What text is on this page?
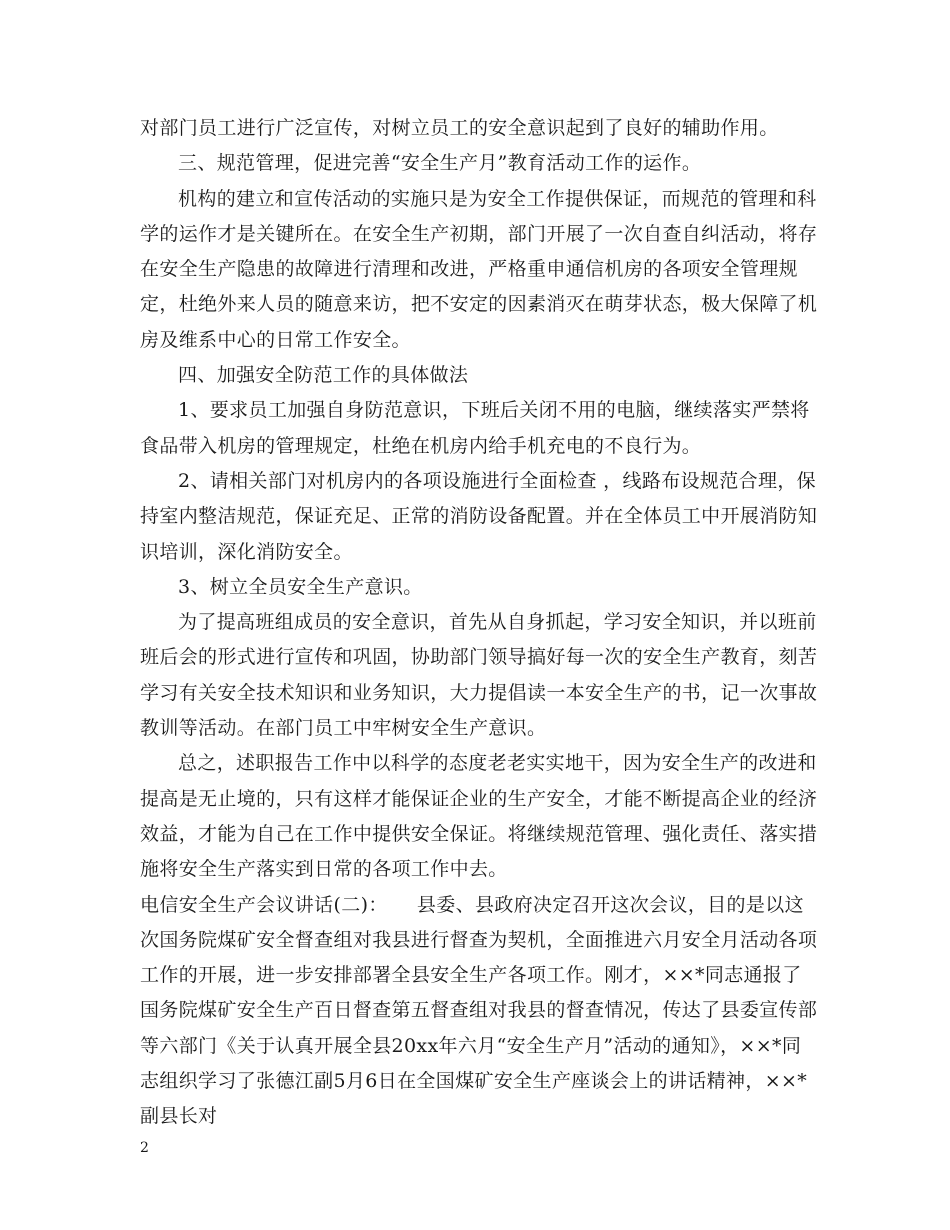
对部门员工进行广泛宣传，对树立员工的安全意识起到了良好的辅助作用。

三、规范管理，促进完善“安全生产月”教育活动工作的运作。

机构的建立和宣传活动的实施只是为安全工作提供保证，而规范的管理和科学的运作才是关键所在。在安全生产初期，部门开展了一次自查自纠活动，将存在安全生产隐患的故障进行清理和改进，严格重申通信机房的各项安全管理规定，杜绝外来人员的随意来访，把不安定的因素消灭在萌芽状态，极大保障了机房及维系中心的日常工作安全。

四、加强安全防范工作的具体做法

1、要求员工加强自身防范意识，下班后关闭不用的电脑，继续落实严禁将食品带入机房的管理规定，杜绝在机房内给手机充电的不良行为。

2、请相关部门对机房内的各项设施进行全面检查 ，线路布设规范合理，保持室内整洁规范，保证充足、正常的消防设备配置。并在全体员工中开展消防知识培训，深化消防安全。

3、树立全员安全生产意识。

为了提高班组成员的安全意识，首先从自身抓起，学习安全知识，并以班前班后会的形式进行宣传和巩固，协助部门领导搞好每一次的安全生产教育，刻苦学习有关安全技术知识和业务知识，大力提倡读一本安全生产的书，记一次事故教训等活动。在部门员工中牢树安全生产意识。

总之，述职报告工作中以科学的态度老老实实地干，因为安全生产的改进和提高是无止境的，只有这样才能保证企业的生产安全，才能不断提高企业的经济效益，才能为自己在工作中提供安全保证。将继续规范管理、强化责任、落实措施将安全生产落实到日常的各项工作中去。

电信安全生产会议讲话(二)：　　县委、县政府决定召开这次会议，目的是以这次国务院煤矿安全督查组对我县进行督查为契机，全面推进六月安全月活动各项工作的开展，进一步安排部署全县安全生产各项工作。刚才，××*同志通报了国务院煤矿安全生产百日督查第五督查组对我县的督查情况，传达了县委宣传部等六部门《关于认真开展全县20xx年六月“安全生产月”活动的通知》，××*同志组织学习了张德江副5月6日在全国煤矿安全生产座谈会上的讲话精神，××*副县长对

2
